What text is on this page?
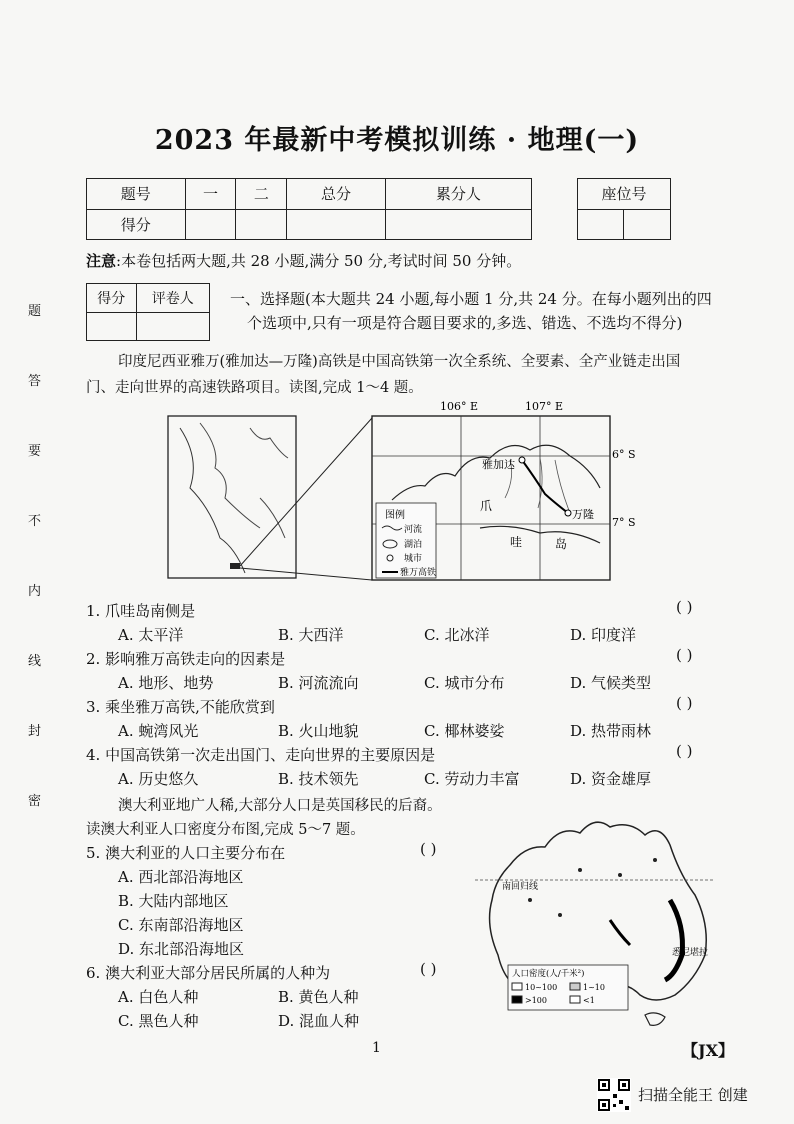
2023 年最新中考模拟训练 · 地理(一)
题号	一	二	总分	累分人
得分				
座位号

注意:本卷包括两大题,共 28 小题,满分 50 分,考试时间 50 分钟。
得分	评卷人
	一、选择题(本大题共 24 小题,每小题 1 分,共 24 分。在每小题列出的四
个选项中,只有一项是符合题目要求的,多选、错选、不选均不得分)
印度尼西亚雅万(雅加达—万隆)高铁是中国高铁第一次全系统、全要素、全产业链走出国
门、走向世界的高速铁路项目。读图,完成 1～4 题。
106° E	107° E
6° S
7° S
雅加达
万隆
爪
哇	岛
图例
河流
湖泊
城市
雅万高铁
1. 爪哇岛南侧是	( )
A. 太平洋	B. 大西洋	C. 北冰洋	D. 印度洋
2. 影响雅万高铁走向的因素是	( )
A. 地形、地势	B. 河流流向	C. 城市分布	D. 气候类型
3. 乘坐雅万高铁,不能欣赏到	( )
A. 蜿湾风光	B. 火山地貌	C. 椰林婆娑	D. 热带雨林
4. 中国高铁第一次走出国门、走向世界的主要原因是	( )
A. 历史悠久	B. 技术领先	C. 劳动力丰富	D. 资金雄厚
澳大利亚地广人稀,大部分人口是英国移民的后裔。
读澳大利亚人口密度分布图,完成 5～7 题。
5. 澳大利亚的人口主要分布在	( )
A. 西北部沿海地区
B. 大陆内部地区
C. 东南部沿海地区
D. 东北部沿海地区
6. 澳大利亚大部分居民所属的人种为	( )
A. 白色人种	B. 黄色人种
C. 黑色人种	D. 混血人种
南回归线
悉尼堪拉
人口密度(人/千米²)
10~100	1~10
>100	<1
题
答
要
不
内
线
封
密
1	【JX】
扫描全能王 创建
